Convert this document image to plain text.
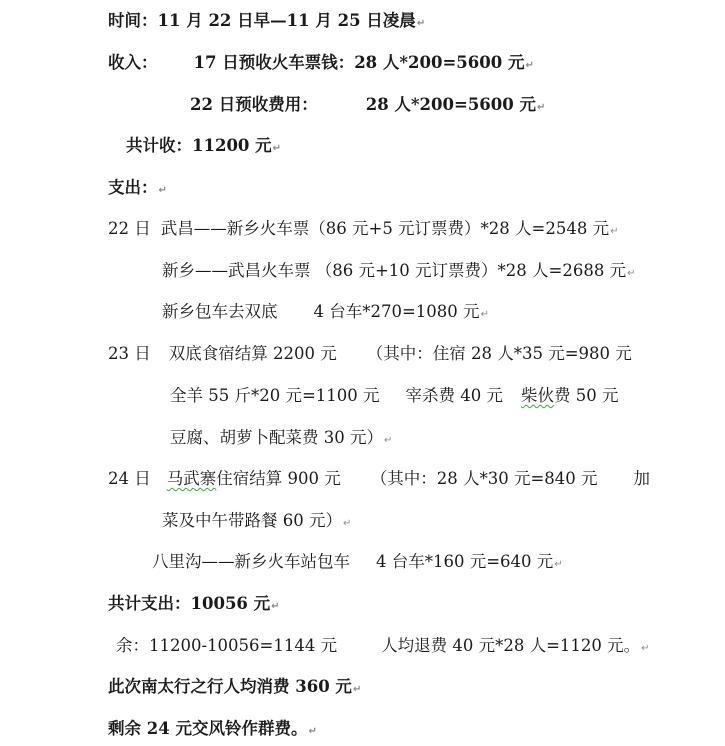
时间：11 月 22 日早—11 月 25 日凌晨↵
收入： 17 日预收火车票钱：28 人*200=5600 元↵
22 日预收费用：	28 人*200=5600 元↵
共计收：11200 元↵
支出：↵
22 日 武昌——新乡火车票（86 元+5 元订票费）*28 人=2548 元↵
新乡——武昌火车票 （86 元+10 元订票费）*28 人=2688 元↵
新乡包车去双底 4 台车*270=1080 元↵
23 日 双底食宿结算 2200 元 （其中：住宿 28 人*35 元=980 元
全羊 55 斤*20 元=1100 元 宰杀费 40 元 柴伙费 50 元
豆腐、胡萝卜配菜费 30 元）↵
24 日 马武寨住宿结算 900 元 （其中：28 人*30 元=840 元 加
菜及中午带路餐 60 元）↵
八里沟——新乡火车站包车 4 台车*160 元=640 元↵
共计支出：10056 元↵
余：11200-10056=1144 元	人均退费 40 元*28 人=1120 元。↵
此次南太行之行人均消费 360 元↵
剩余 24 元交风铃作群费。↵
